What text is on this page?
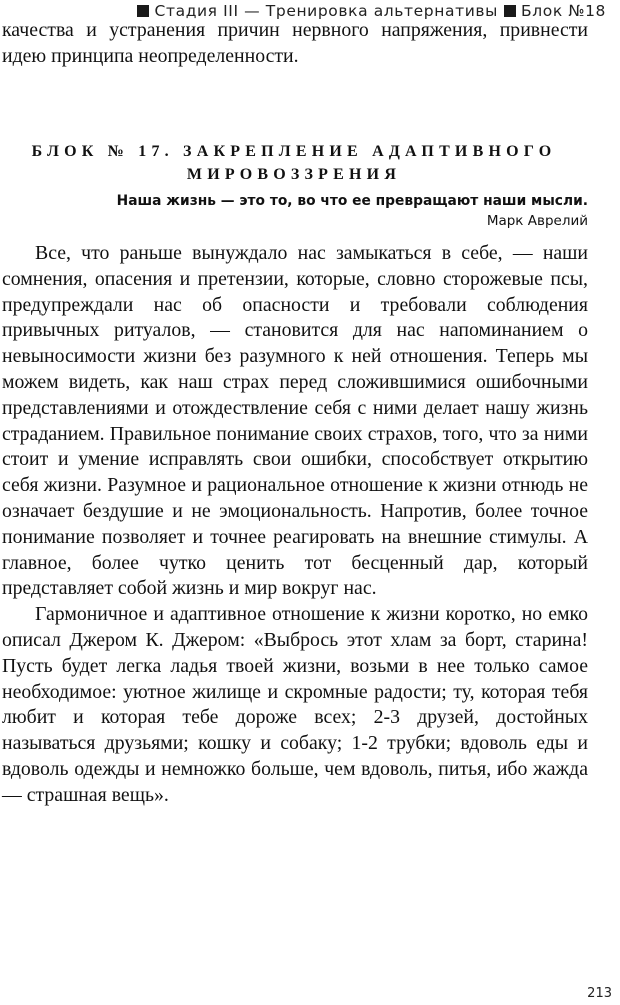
Стадия III — Тренировка альтернативы Блок №18

качества и устранения причин нервного напряжения, привнести идею принципа неопределенности.

БЛОК № 17. ЗАКРЕПЛЕНИЕ АДАПТИВНОГО
МИРОВОЗЗРЕНИЯ
Наша жизнь — это то, во что ее превращают наши мысли.
Марк Аврелий

Все, что раньше вынуждало нас замыкаться в себе, — наши сомнения, опасения и претензии, которые, словно сторожевые псы, предупреждали нас об опасности и требовали соблюдения привычных ритуалов, — становится для нас напоминанием о невыносимости жизни без разумного к ней отношения. Теперь мы можем видеть, как наш страх перед сложившимися ошибочными представлениями и отождествление себя с ними делает нашу жизнь страданием. Правильное понимание своих страхов, того, что за ними стоит и умение исправлять свои ошибки, способствует открытию себя жизни. Разумное и рациональное отношение к жизни отнюдь не означает бездушие и не эмоциональность. Напротив, более точное понимание позволяет и точнее реагировать на внешние стимулы. А главное, более чутко ценить тот бесценный дар, который представляет собой жизнь и мир вокруг нас.

Гармоничное и адаптивное отношение к жизни коротко, но емко описал Джером К. Джером: «Выбрось этот хлам за борт, старина! Пусть будет легка ладья твоей жизни, возьми в нее только самое необходимое: уютное жилище и скромные радости; ту, которая тебя любит и которая тебе дороже всех; 2-3 друзей, достойных называться друзьями; кошку и собаку; 1-2 трубки; вдоволь еды и вдоволь одежды и немножко больше, чем вдоволь, питья, ибо жажда — страшная вещь».

213
